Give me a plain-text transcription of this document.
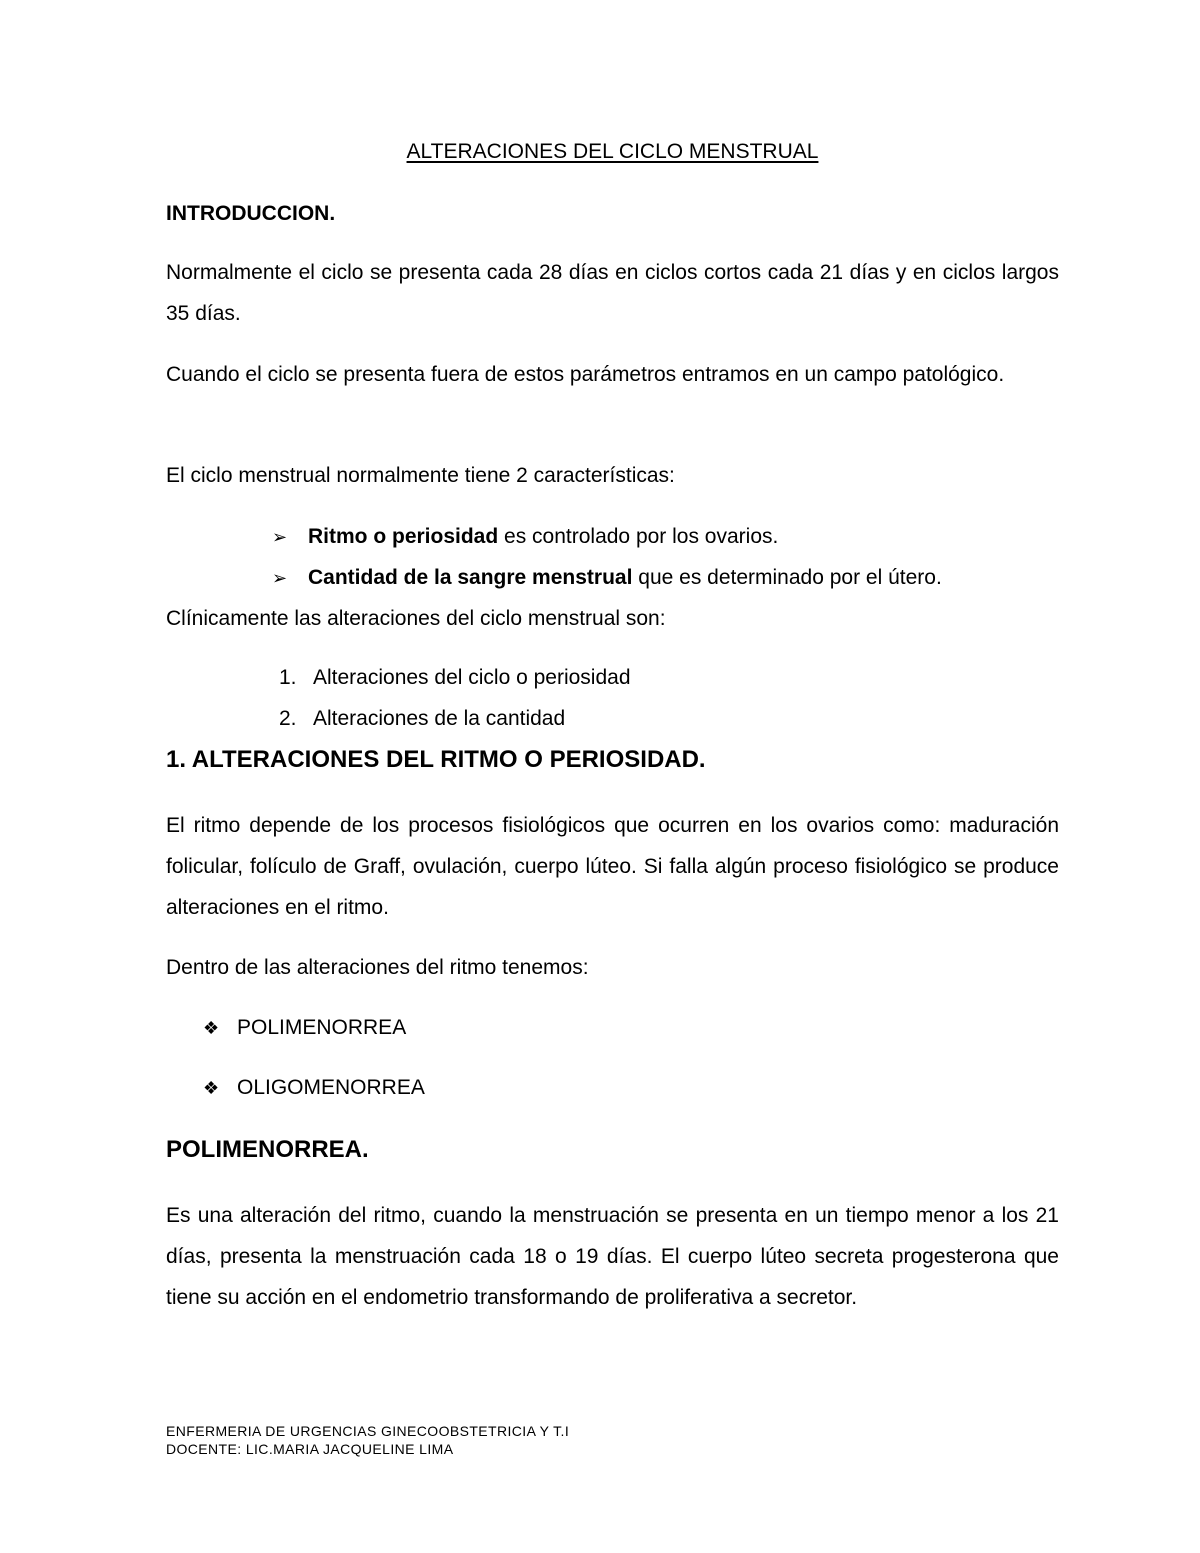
ALTERACIONES DEL CICLO MENSTRUAL
INTRODUCCION.
Normalmente el ciclo se presenta cada 28 días en ciclos cortos cada 21 días y en ciclos largos 35 días.
Cuando el ciclo se presenta fuera de estos parámetros entramos en un campo patológico.
El ciclo menstrual normalmente tiene 2 características:
➢ Ritmo o periosidad es controlado por los ovarios.
➢ Cantidad de la sangre menstrual que es determinado por el útero.
Clínicamente las alteraciones del ciclo menstrual son:
1. Alteraciones del ciclo o periosidad
2. Alteraciones de la cantidad
1. ALTERACIONES DEL RITMO O PERIOSIDAD.
El ritmo depende de los procesos fisiológicos que ocurren en los ovarios como: maduración folicular, folículo de Graff, ovulación, cuerpo lúteo. Si falla algún proceso fisiológico se produce alteraciones en el ritmo.
Dentro de las alteraciones del ritmo tenemos:
❖ POLIMENORREA
❖ OLIGOMENORREA
POLIMENORREA.
Es una alteración del ritmo, cuando la menstruación se presenta en un tiempo menor a los 21 días, presenta la menstruación cada 18 o 19 días. El cuerpo lúteo secreta progesterona que tiene su acción en el endometrio transformando de proliferativa a secretor.
ENFERMERIA DE URGENCIAS GINECOOBSTETRICIA Y T.I
DOCENTE: LIC.MARIA JACQUELINE LIMA
